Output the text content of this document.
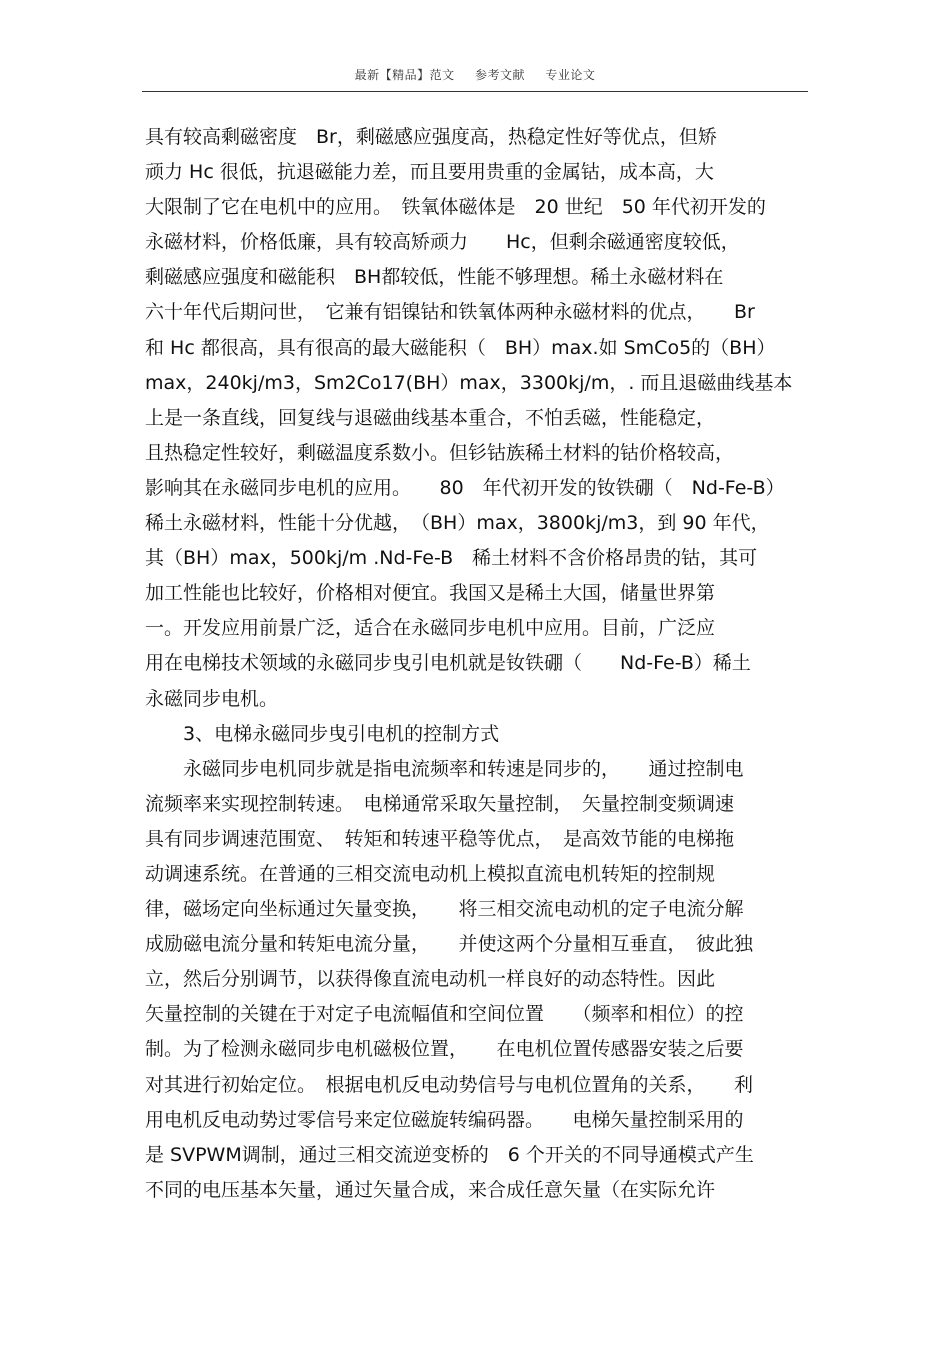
最新【精品】范文 参考文献 专业论文
具有较高剩磁密度　Br，剩磁感应强度高，热稳定性好等优点，但矫
顽力 Hc 很低，抗退磁能力差，而且要用贵重的金属钴，成本高，大
大限制了它在电机中的应用。　铁氧体磁体是　20 世纪　50 年代初开发的
永磁材料，价格低廉，具有较高矫顽力　　Hc，但剩余磁通密度较低，
剩磁感应强度和磁能积　BH都较低，性能不够理想。稀土永磁材料在
六十年代后期问世，　它兼有铝镍钴和铁氧体两种永磁材料的优点，　　Br
和 Hc 都很高，具有很高的最大磁能积（　BH）max.如 SmCo5的（BH）
max，240kj/m3，Sm2Co17(BH）max，3300kj/m，. 而且退磁曲线基本
上是一条直线，回复线与退磁曲线基本重合，不怕丢磁，性能稳定，
且热稳定性较好，剩磁温度系数小。但钐钴族稀土材料的钴价格较高，
影响其在永磁同步电机的应用。　　80　年代初开发的钕铁硼（　Nd-Fe-B）
稀土永磁材料，性能十分优越，　（BH）max，3800kj/m3，到 90 年代，
其（BH）max，500kj/m .Nd-Fe-B　稀土材料不含价格昂贵的钴，其可
加工性能也比较好，价格相对便宜。我国又是稀土大国，储量世界第
一。开发应用前景广泛，适合在永磁同步电机中应用。目前，广泛应
用在电梯技术领域的永磁同步曳引电机就是钕铁硼（　　Nd-Fe-B）稀土
永磁同步电机。
　　3、电梯永磁同步曳引电机的控制方式
　　永磁同步电机同步就是指电流频率和转速是同步的，　　通过控制电
流频率来实现控制转速。　电梯通常采取矢量控制，　矢量控制变频调速
具有同步调速范围宽、　转矩和转速平稳等优点，　是高效节能的电梯拖
动调速系统。在普通的三相交流电动机上模拟直流电机转矩的控制规
律，磁场定向坐标通过矢量变换，　　将三相交流电动机的定子电流分解
成励磁电流分量和转矩电流分量，　　并使这两个分量相互垂直，　彼此独
立，然后分别调节，以获得像直流电动机一样良好的动态特性。因此
矢量控制的关键在于对定子电流幅值和空间位置　　（频率和相位）的控
制。为了检测永磁同步电机磁极位置，　　在电机位置传感器安装之后要
对其进行初始定位。　根据电机反电动势信号与电机位置角的关系，　　利
用电机反电动势过零信号来定位磁旋转编码器。　　电梯矢量控制采用的
是 SVPWM调制，通过三相交流逆变桥的　6 个开关的不同导通模式产生
不同的电压基本矢量，通过矢量合成，来合成任意矢量（在实际允许
